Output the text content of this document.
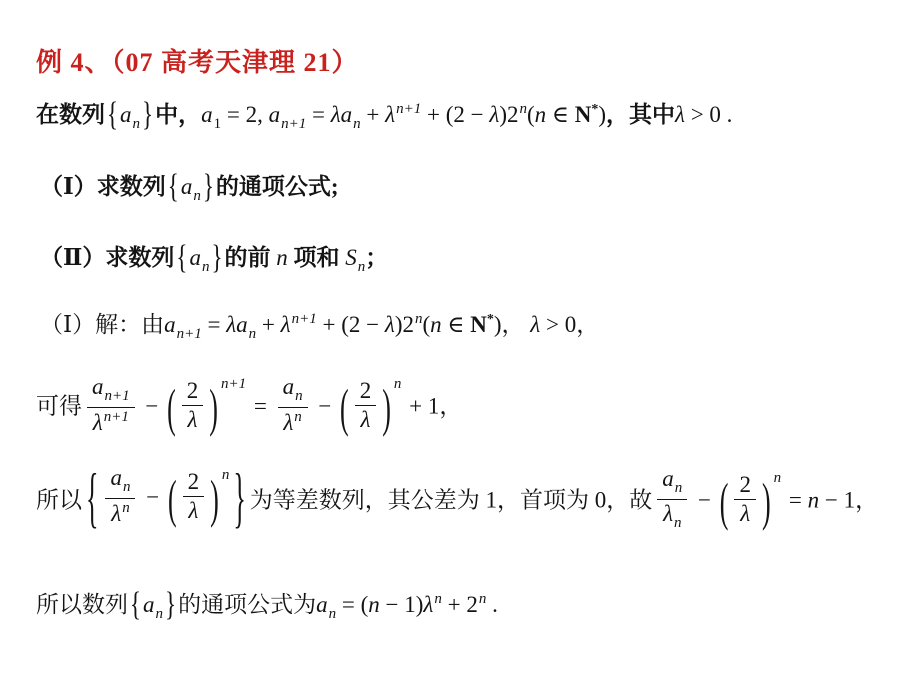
例 4、（07 高考天津理 21）
在数列$\{a_n\}$中，$a_1 = 2$, $a_{n+1} = \lambda a_n + \lambda^{n+1} + (2 - \lambda)2^n(n$ ∈ N*)，其中λ > 0 .
（Ⅰ）求数列$\{a_n\}$的通项公式;
（Ⅱ）求数列$\{a_n\}$的前 n 项和 $S_n$；
（Ⅰ）解：由$a_{n+1} = \lambda a_n + \lambda^{n+1} + (2 - \lambda)2^n(n$ ∈ N*)， λ > 0，
可得 $\frac{a_{n+1}}{\lambda^{n+1}}$ − ( $\frac{2}{\lambda}$ ) $^{n+1} = \frac{a_n}{\lambda^n}$ − ( $\frac{2}{\lambda}$ ) $^n$ + 1，
所以 { $\frac{a_n}{\lambda^n}$ − ( $\frac{2}{\lambda}$ ) $^n$ } 为等差数列，其公差为 1，首项为 0，故 $\frac{a_n}{\lambda_n}$ − ( $\frac{2}{\lambda}$ ) $^n$ = n − 1，
所以数列$\{a_n\}$的通项公式为$a_n = (n - 1)\lambda^n + 2^n$ .
